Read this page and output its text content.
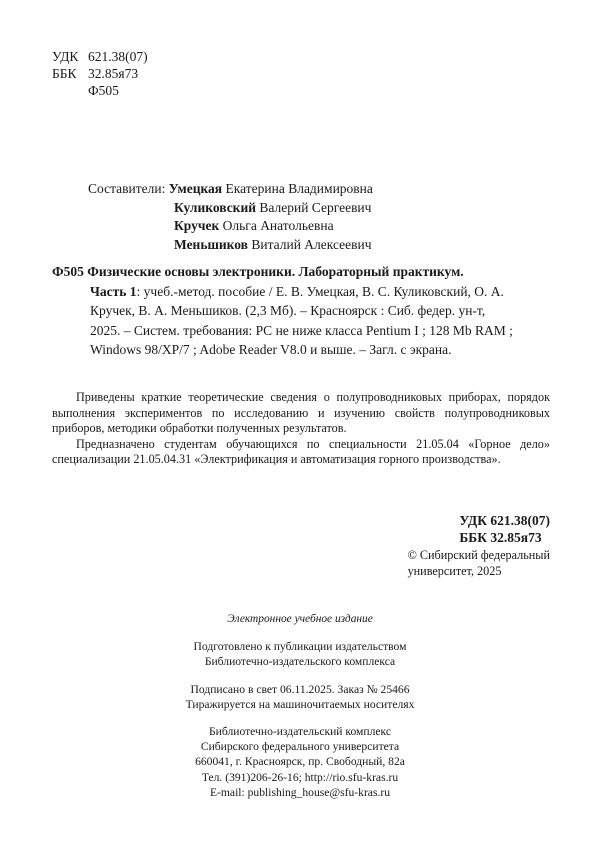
УДК 621.38(07)
ББК 32.85я73
Ф505
Составители: Умецкая Екатерина Владимировна
Куликовский Валерий Сергеевич
Кручек Ольга Анатольевна
Меньшиков Виталий Алексеевич
Ф505 Физические основы электроники. Лабораторный практикум.
Часть 1: учеб.-метод. пособие / Е. В. Умецкая, В. С. Куликовский, О. А.
Кручек, В. А. Меньшиков. (2,3 Мб). – Красноярск : Сиб. федер. ун-т,
2025. – Систем. требования: PC не ниже класса Pentium I ; 128 Mb RAM ;
Windows 98/XP/7 ; Adobe Reader V8.0 и выше. – Загл. с экрана.

Приведены краткие теоретические сведения о полупроводниковых приборах, порядок выполнения экспериментов по исследованию и изучению свойств полупроводниковых приборов, методики обработки полученных результатов.

Предназначено студентам обучающихся по специальности 21.05.04 «Горное дело» специализации 21.05.04.31 «Электрификация и автоматизация горного производства».

УДК 621.38(07)
ББК 32.85я73
© Сибирский федеральный
университет, 2025
Электронное учебное издание
Подготовлено к публикации издательством
Библиотечно-издательского комплекса
Подписано в свет 06.11.2025. Заказ № 25466
Тиражируется на машиночитаемых носителях
Библиотечно-издательский комплекс
Сибирского федерального университета
660041, г. Красноярск, пр. Свободный, 82а
Тел. (391)206-26-16; http://rio.sfu-kras.ru
E-mail: publishing_house@sfu-kras.ru
